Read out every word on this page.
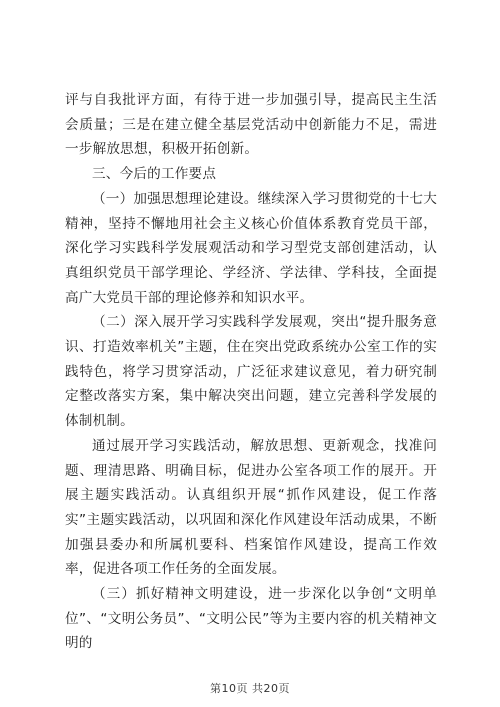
评与自我批评方面，有待于进一步加强引导，提高民主生活会质量；三是在建立健全基层党活动中创新能力不足，需进一步解放思想，积极开拓创新。

三、今后的工作要点

（一）加强思想理论建设。继续深入学习贯彻党的十七大精神，坚持不懈地用社会主义核心价值体系教育党员干部，深化学习实践科学发展观活动和学习型党支部创建活动，认真组织党员干部学理论、学经济、学法律、学科技，全面提高广大党员干部的理论修养和知识水平。

（二）深入展开学习实践科学发展观，突出“提升服务意识、打造效率机关”主题，住在突出党政系统办公室工作的实践特色，将学习贯穿活动，广泛征求建议意见，着力研究制定整改落实方案，集中解决突出问题，建立完善科学发展的体制机制。

通过展开学习实践活动，解放思想、更新观念，找准问题、理清思路、明确目标，促进办公室各项工作的展开。开展主题实践活动。认真组织开展“抓作风建设，促工作落实”主题实践活动，以巩固和深化作风建设年活动成果，不断加强县委办和所属机要科、档案馆作风建设，提高工作效率，促进各项工作任务的全面发展。

（三）抓好精神文明建设，进一步深化以争创“文明单位”、“文明公务员”、“文明公民”等为主要内容的机关精神文明的

第10页 共20页
